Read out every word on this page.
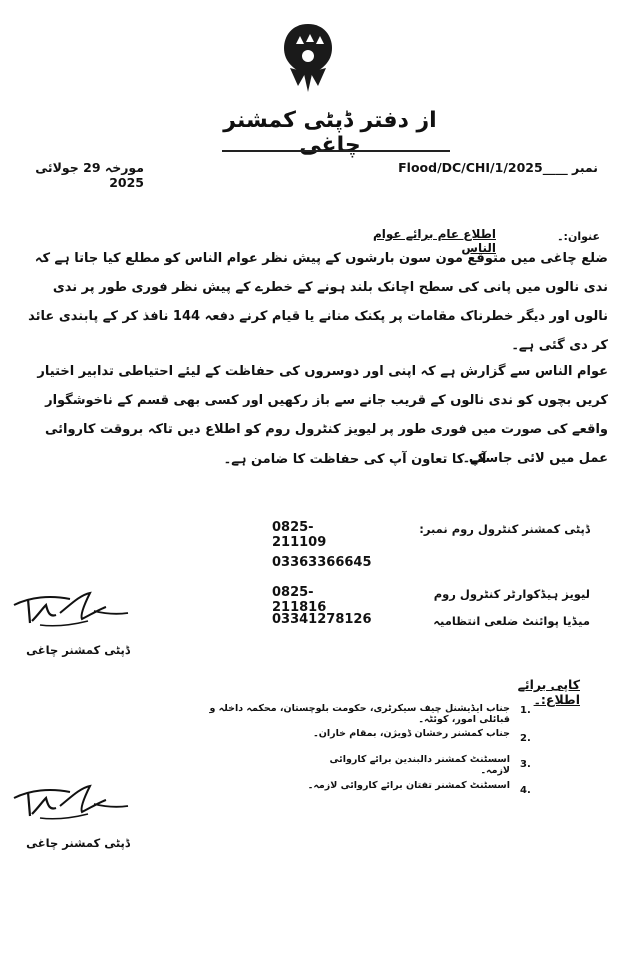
از دفتر ڈپٹی کمشنر چاغی
نمبر ____1/2025/Flood/DC/CHI
مورخہ 29 جولائی 2025
عنوان:۔
اطلاع عام برائے عوام الناس
ضلع چاغی میں متوقع مون سون بارشوں کے پیش نظر عوام الناس کو مطلع کیا جاتا ہے کہ ندی نالوں میں پانی کی سطح اچانک بلند ہونے کے خطرے کے پیش نظر فوری طور پر ندی نالوں اور دیگر خطرناک مقامات پر پکنک منانے یا قیام کرنے دفعہ 144 نافذ کر کے پابندی عائد کر دی گئی ہے۔
عوام الناس سے گزارش ہے کہ اپنی اور دوسروں کی حفاظت کے لیئے احتیاطی تدابیر اختیار کریں بچوں کو ندی نالوں کے قریب جانے سے باز رکھیں اور کسی بھی قسم کے ناخوشگوار واقعے کی صورت میں فوری طور پر لیویز کنٹرول روم کو اطلاع دیں تاکہ بروقت کاروائی عمل میں لائی جاسکے۔
آپ کا تعاون آپ کی حفاظت کا ضامن ہے۔
ڈپٹی کمشنر کنٹرول روم نمبر:
0825-211109
03363366645
لیویز ہیڈکوارٹر کنٹرول روم
0825-211816
میڈیا پوائنٹ ضلعی انتظامیہ
03341278126
ڈپٹی کمشنر چاغی
کاپی برائے اطلاع:۔
1.
جناب ایڈیشنل چیف سیکرٹری، حکومت بلوچستان، محکمہ داخلہ و قبائلی امور، کوئٹہ۔
2.
جناب کمشنر رخشان ڈویژن، بمقام خاران۔
3.
اسسٹنٹ کمشنر دالبندین برائے کاروائی لازمہ۔
4.
اسسٹنٹ کمشنر تفتان برائے کاروائی لازمہ۔
ڈپٹی کمشنر چاغی
